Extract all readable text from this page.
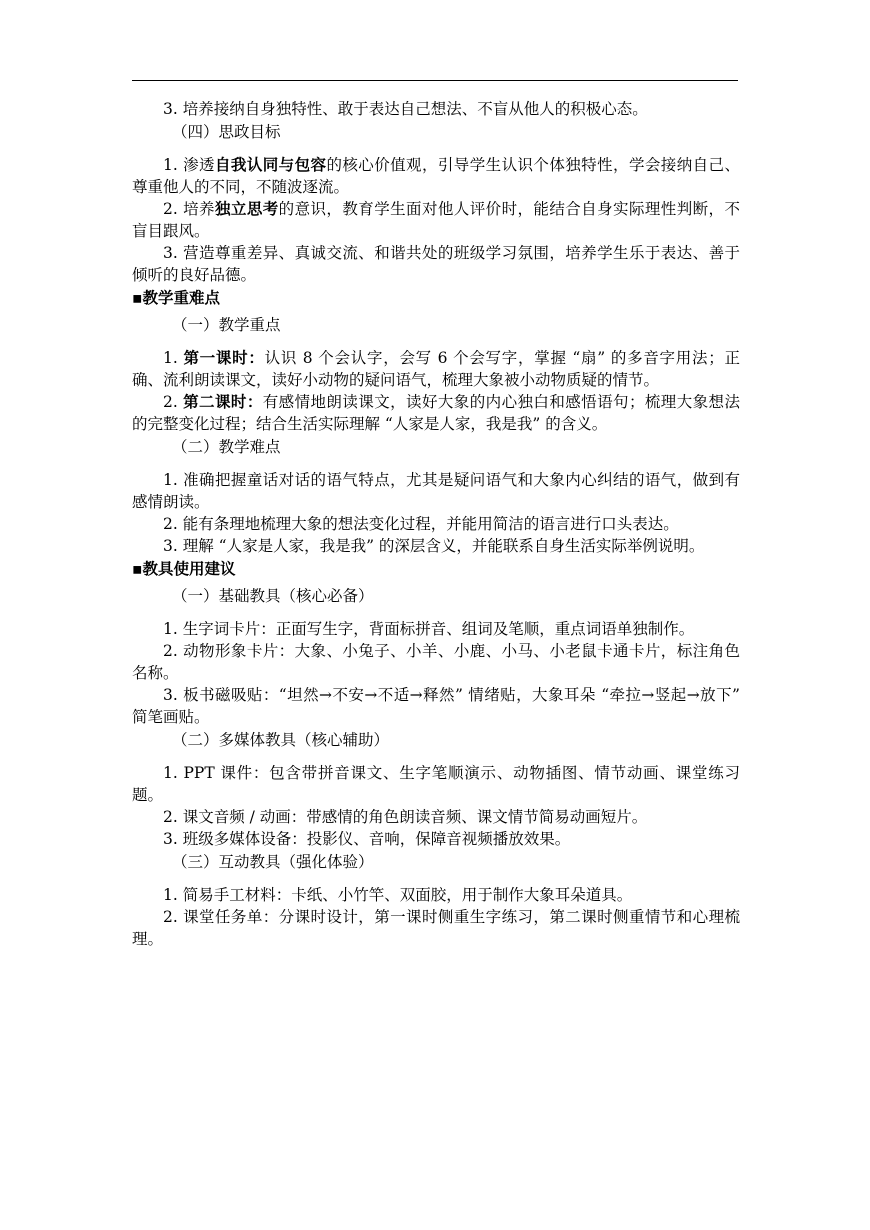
3. 培养接纳自身独特性、敢于表达自己想法、不盲从他人的积极心态。
（四）思政目标
1. 渗透自我认同与包容的核心价值观，引导学生认识个体独特性，学会接纳自己、尊重他人的不同，不随波逐流。
2. 培养独立思考的意识，教育学生面对他人评价时，能结合自身实际理性判断，不盲目跟风。
3. 营造尊重差异、真诚交流、和谐共处的班级学习氛围，培养学生乐于表达、善于倾听的良好品德。
▪教学重难点
（一）教学重点
1. 第一课时：认识 8 个会认字，会写 6 个会写字，掌握 “扇” 的多音字用法；正确、流利朗读课文，读好小动物的疑问语气，梳理大象被小动物质疑的情节。
2. 第二课时：有感情地朗读课文，读好大象的内心独白和感悟语句；梳理大象想法的完整变化过程；结合生活实际理解 “人家是人家，我是我” 的含义。
（二）教学难点
1. 准确把握童话对话的语气特点，尤其是疑问语气和大象内心纠结的语气，做到有感情朗读。
2. 能有条理地梳理大象的想法变化过程，并能用简洁的语言进行口头表达。
3. 理解 “人家是人家，我是我” 的深层含义，并能联系自身生活实际举例说明。
▪教具使用建议
（一）基础教具（核心必备）
1. 生字词卡片：正面写生字，背面标拼音、组词及笔顺，重点词语单独制作。
2. 动物形象卡片：大象、小兔子、小羊、小鹿、小马、小老鼠卡通卡片，标注角色名称。
3. 板书磁吸贴：“坦然→不安→不适→释然” 情绪贴，大象耳朵 “牵拉→竖起→放下” 简笔画贴。
（二）多媒体教具（核心辅助）
1. PPT 课件：包含带拼音课文、生字笔顺演示、动物插图、情节动画、课堂练习题。
2. 课文音频 / 动画：带感情的角色朗读音频、课文情节简易动画短片。
3. 班级多媒体设备：投影仪、音响，保障音视频播放效果。
（三）互动教具（强化体验）
1. 简易手工材料：卡纸、小竹竿、双面胶，用于制作大象耳朵道具。
2. 课堂任务单：分课时设计，第一课时侧重生字练习，第二课时侧重情节和心理梳理。
